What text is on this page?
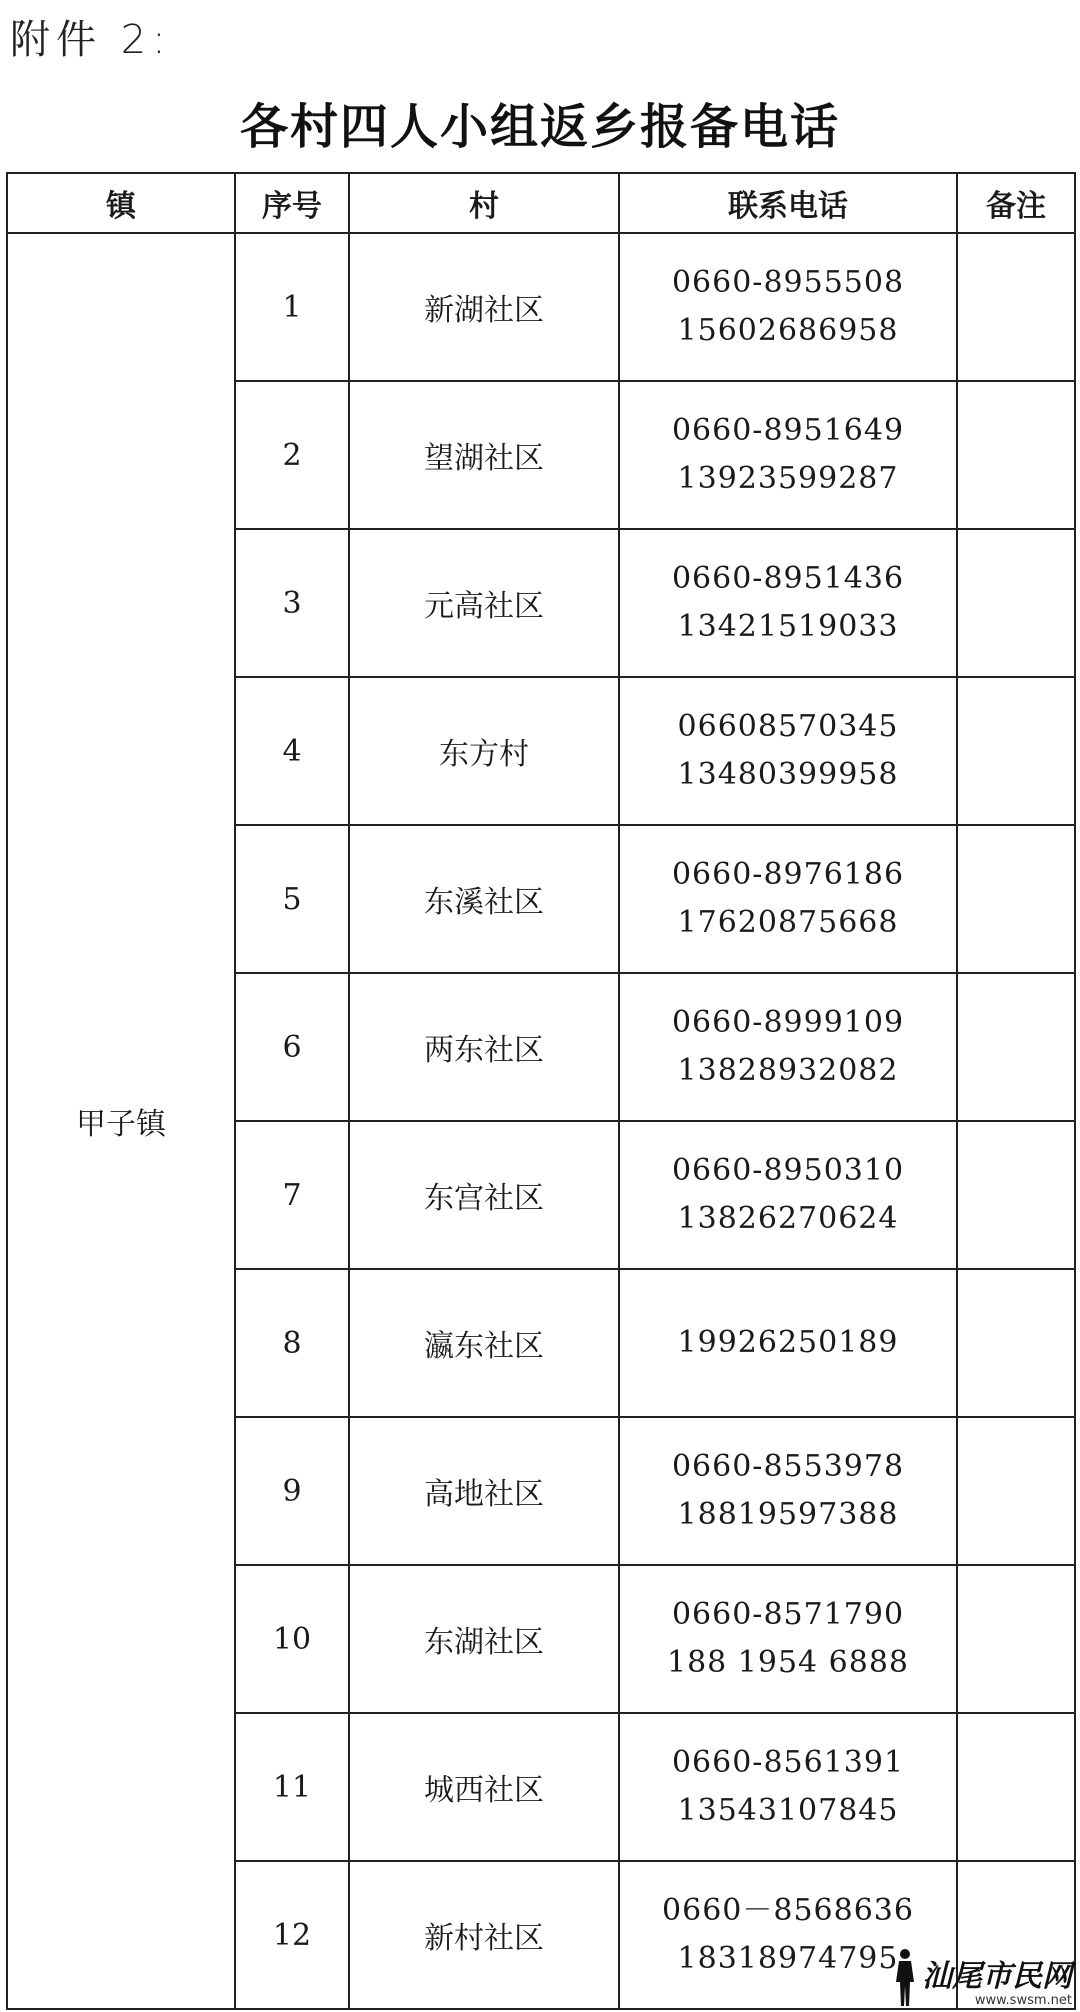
附件 2:
各村四人小组返乡报备电话
镇	序号	村	联系电话	备注
甲子镇	1	新湖社区	0660-8955508
15602686958	

	2	望湖社区	0660-8951649
13923599287	

	3	元高社区	0660-8951436
13421519033	

	4	东方村	06608570345
13480399958	

	5	东溪社区	0660-8976186
17620875668	

	6	两东社区	0660-8999109
13828932082	

	7	东宫社区	0660-8950310
13826270624	

	8	瀛东社区	19926250189	

	9	高地社区	0660-8553978
18819597388	

	10	东湖社区	0660-8571790
188 1954 6888	

	11	城西社区	0660-8561391
13543107845	

	12	新村社区	0660－8568636
18318974795	

汕尾市民网
www.swsm.net
